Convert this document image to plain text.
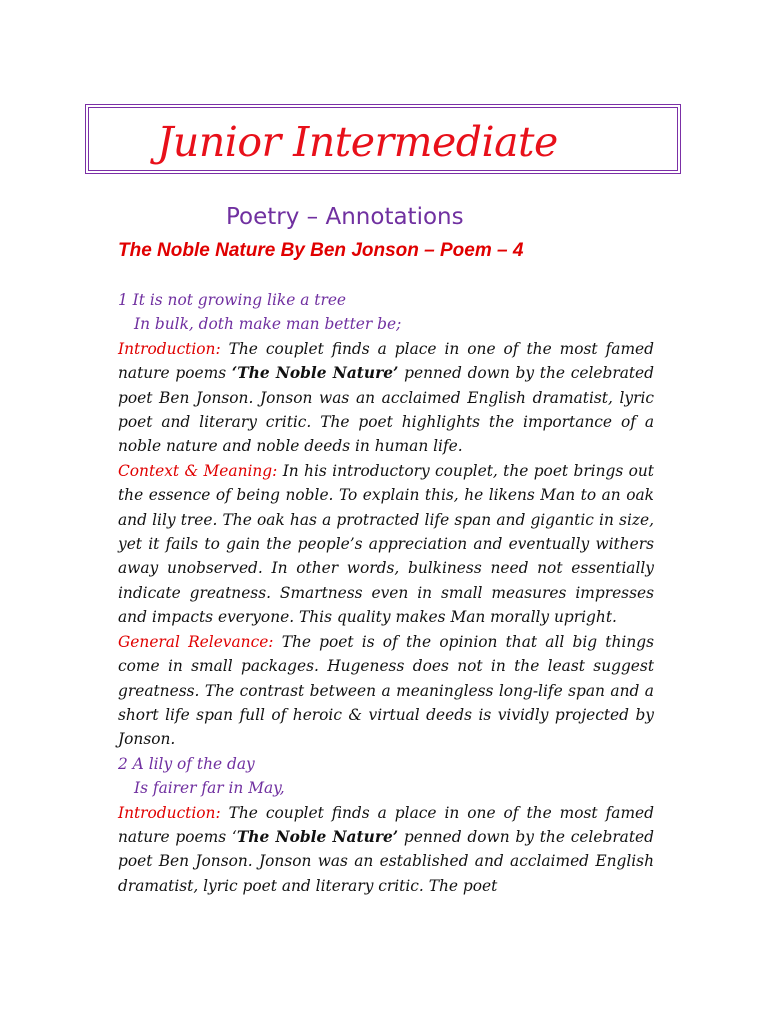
Junior Intermediate
Poetry – Annotations
The Noble Nature By Ben Jonson – Poem – 4
1 It is not growing like a tree
In bulk, doth make man better be;
Introduction: The couplet finds a place in one of the most famed nature poems ‘The Noble Nature’ penned down by the celebrated poet Ben Jonson. Jonson was an acclaimed English dramatist, lyric poet and literary critic. The poet highlights the importance of a noble nature and noble deeds in human life.
Context & Meaning: In his introductory couplet, the poet brings out the essence of being noble. To explain this, he likens Man to an oak and lily tree. The oak has a protracted life span and gigantic in size, yet it fails to gain the people’s appreciation and eventually withers away unobserved. In other words, bulkiness need not essentially indicate greatness. Smartness even in small measures impresses and impacts everyone. This quality makes Man morally upright.
General Relevance: The poet is of the opinion that all big things come in small packages. Hugeness does not in the least suggest greatness. The contrast between a meaningless long-life span and a short life span full of heroic & virtual deeds is vividly projected by Jonson.
2 A lily of the day
Is fairer far in May,
Introduction: The couplet finds a place in one of the most famed nature poems ‘The Noble Nature’ penned down by the celebrated poet Ben Jonson. Jonson was an established and acclaimed English dramatist, lyric poet and literary critic. The poet
